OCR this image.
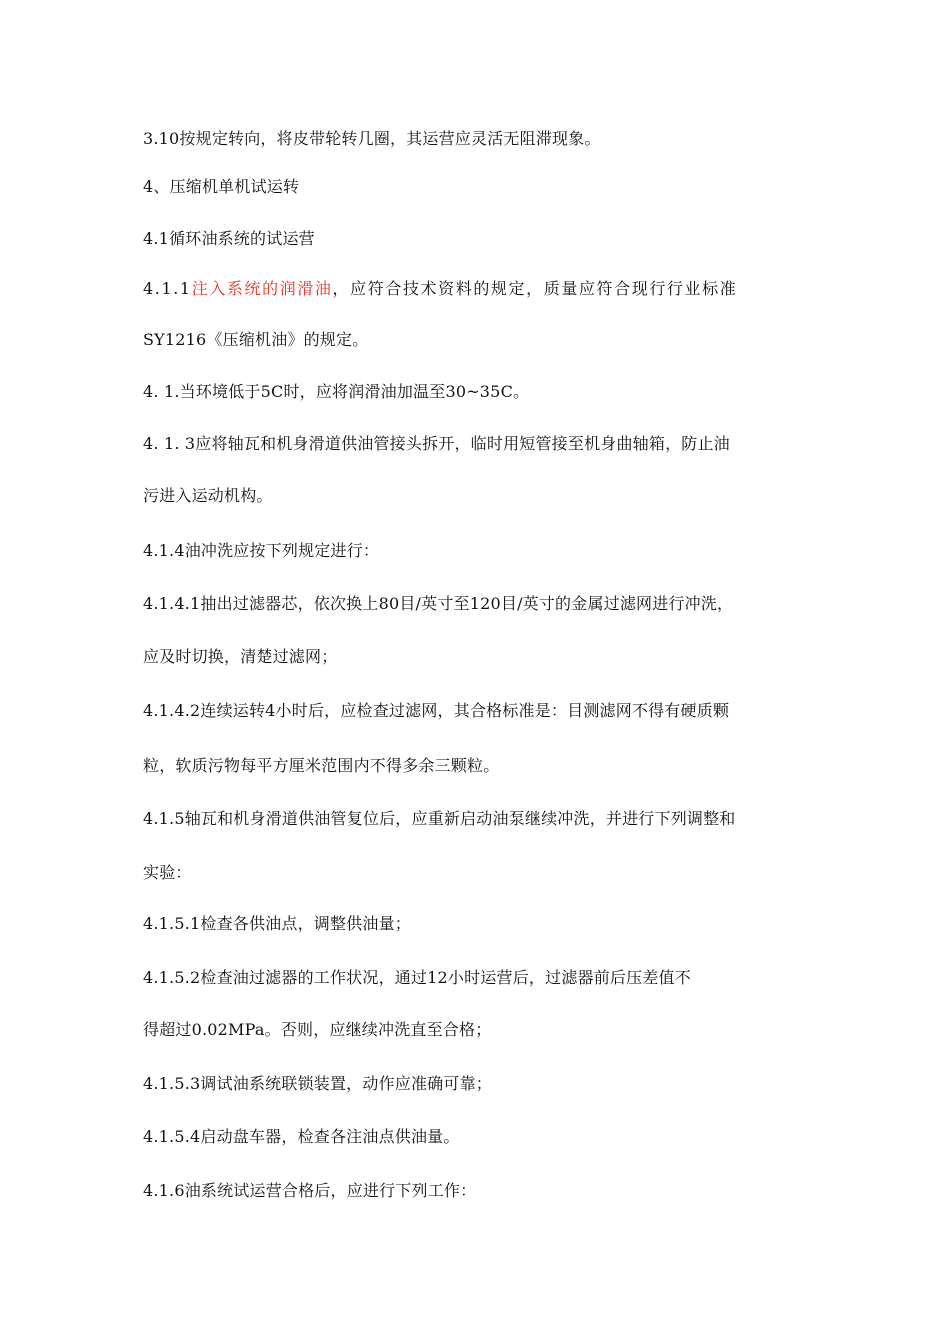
3.10按规定转向，将皮带轮转几圈，其运营应灵活无阻滞现象。
4、压缩机单机试运转
4.1循环油系统的试运营
4.1.1注入系统的润滑油，应符合技术资料的规定，质量应符合现行行业标准
SY1216《压缩机油》的规定。
4. 1.当环境低于5C时，应将润滑油加温至30~35C。
4. 1. 3应将轴瓦和机身滑道供油管接头拆开，临时用短管接至机身曲轴箱，防止油
污进入运动机构。
4.1.4油冲洗应按下列规定进行：
4.1.4.1抽出过滤器芯，依次换上80目/英寸至120目/英寸的金属过滤网进行冲洗，
应及时切换，清楚过滤网；
4.1.4.2连续运转4小时后，应检查过滤网，其合格标准是：目测滤网不得有硬质颗
粒，软质污物每平方厘米范围内不得多余三颗粒。
4.1.5轴瓦和机身滑道供油管复位后，应重新启动油泵继续冲洗，并进行下列调整和
实验：
4.1.5.1检查各供油点，调整供油量；
4.1.5.2检查油过滤器的工作状况，通过12小时运营后，过滤器前后压差值不
得超过0.02MPa。否则，应继续冲洗直至合格；
4.1.5.3调试油系统联锁装置，动作应准确可靠；
4.1.5.4启动盘车器，检查各注油点供油量。
4.1.6油系统试运营合格后，应进行下列工作：
